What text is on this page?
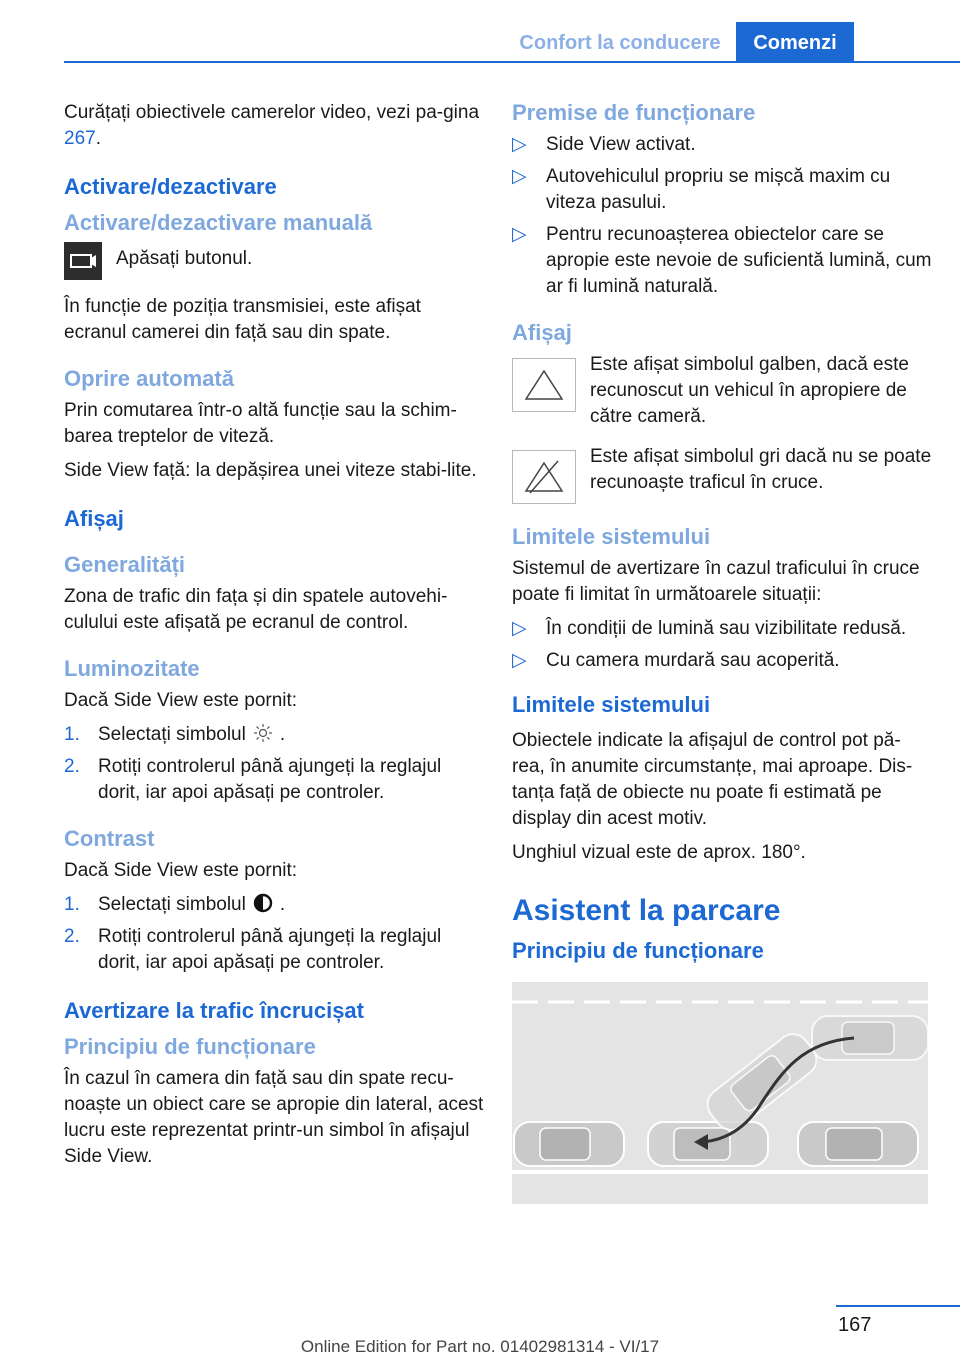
Confort la conducere	Comenzi

Curățați obiectivele camerelor video, vezi pa‐gina 267.

Activare/dezactivare
Activare/dezactivare manuală

Apăsați butonul.

În funcție de poziția transmisiei, este afișat ecranul camerei din față sau din spate.

Oprire automată

Prin comutarea într-o altă funcție sau la schim‐barea treptelor de viteză.

Side View față: la depășirea unei viteze stabi‐lite.

Afișaj
Generalități

Zona de trafic din fața și din spatele autovehi‐culului este afișată pe ecranul de control.

Luminozitate

Dacă Side View este pornit:

1. Selectați simbolul .
2. Rotiți controlerul până ajungeți la reglajul dorit, iar apoi apăsați pe controler.
Contrast

Dacă Side View este pornit:

1. Selectați simbolul .
2. Rotiți controlerul până ajungeți la reglajul dorit, iar apoi apăsați pe controler.
Avertizare la trafic încrucișat
Principiu de funcționare

În cazul în camera din față sau din spate recu‐noaște un obiect care se apropie din lateral, acest lucru este reprezentat printr-un simbol în afișajul Side View.

Premise de funcționare
▷ Side View activat.
▷ Autovehiculul propriu se mișcă maxim cu viteza pasului.
▷ Pentru recunoașterea obiectelor care se apropie este nevoie de suficientă lumină, cum ar fi lumină naturală.
Afișaj

Este afișat simbolul galben, dacă este recunoscut un vehicul în apropiere de către cameră.

Este afișat simbolul gri dacă nu se poate recunoaște traficul în cruce.

Limitele sistemului

Sistemul de avertizare în cazul traficului în cruce poate fi limitat în următoarele situații:

▷ În condiții de lumină sau vizibilitate redusă.
▷ Cu camera murdară sau acoperită.
Limitele sistemului

Obiectele indicate la afișajul de control pot pă‐rea, în anumite circumstanțe, mai aproape. Dis‐tanța față de obiecte nu poate fi estimată pe display din acest motiv.

Unghiul vizual este de aprox. 180°.

Asistent la parcare
Principiu de funcționare
167
Online Edition for Part no. 01402981314 - VI/17
